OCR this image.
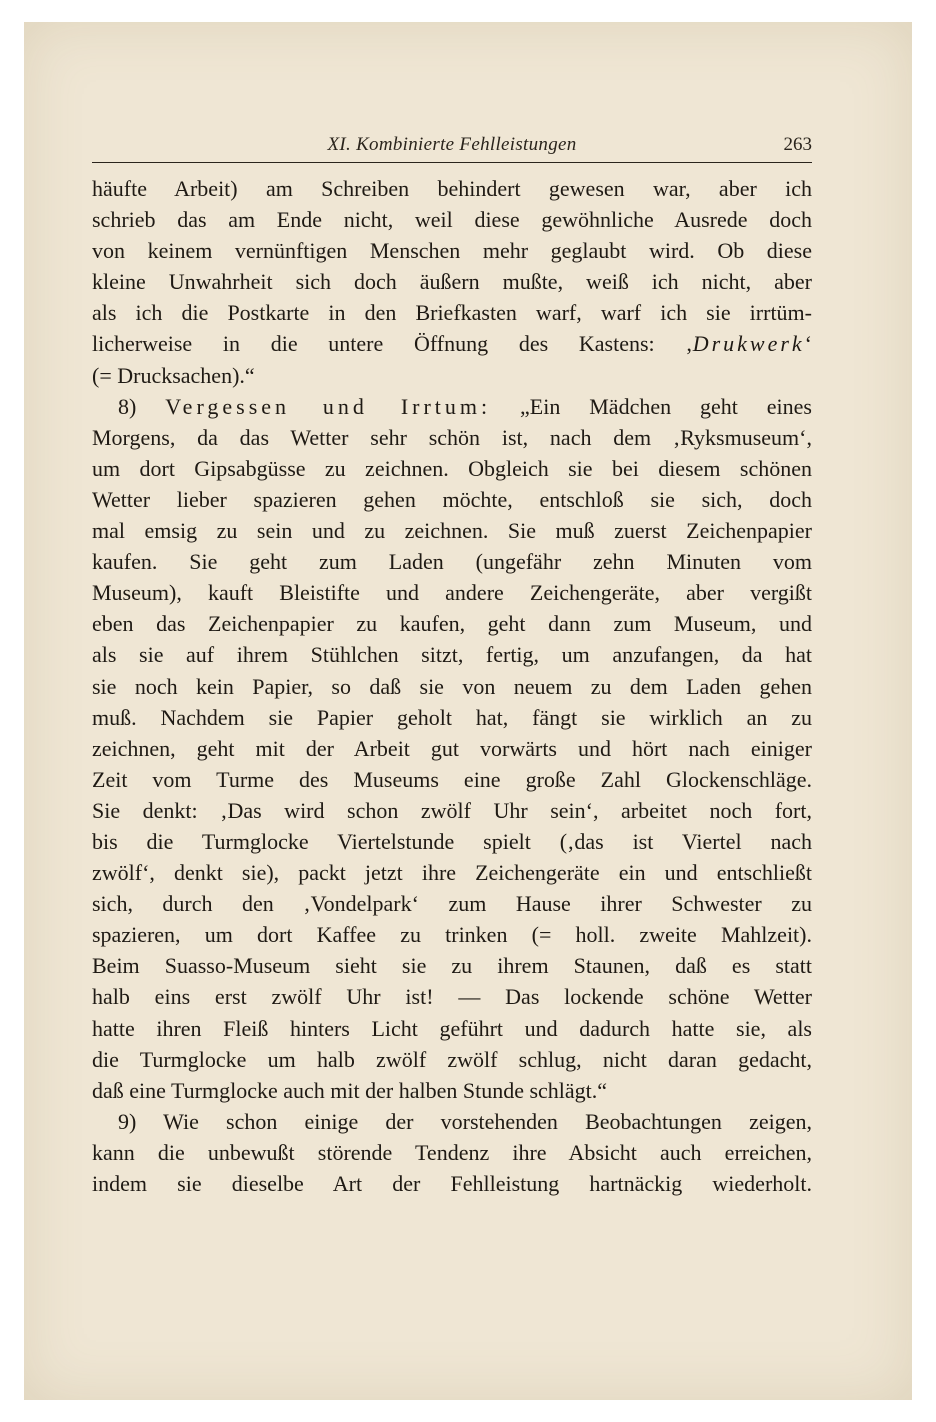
XI. Kombinierte Fehlleistungen	263
häufte Arbeit) am Schreiben behindert gewesen war, aber ich
schrieb das am Ende nicht, weil diese gewöhnliche Ausrede doch
von keinem vernünftigen Menschen mehr geglaubt wird. Ob diese
kleine Unwahrheit sich doch äußern mußte, weiß ich nicht, aber
als ich die Postkarte in den Briefkasten warf, warf ich sie irrtüm-
licherweise in die untere Öffnung des Kastens: ‚Drukwerk‘
(= Drucksachen).“
8) Vergessen und Irrtum: „Ein Mädchen geht eines
Morgens, da das Wetter sehr schön ist, nach dem ‚Ryksmuseum‘,
um dort Gipsabgüsse zu zeichnen. Obgleich sie bei diesem schönen
Wetter lieber spazieren gehen möchte, entschloß sie sich, doch
mal emsig zu sein und zu zeichnen. Sie muß zuerst Zeichenpapier
kaufen. Sie geht zum Laden (ungefähr zehn Minuten vom
Museum), kauft Bleistifte und andere Zeichengeräte, aber vergißt
eben das Zeichenpapier zu kaufen, geht dann zum Museum, und
als sie auf ihrem Stühlchen sitzt, fertig, um anzufangen, da hat
sie noch kein Papier, so daß sie von neuem zu dem Laden gehen
muß. Nachdem sie Papier geholt hat, fängt sie wirklich an zu
zeichnen, geht mit der Arbeit gut vorwärts und hört nach einiger
Zeit vom Turme des Museums eine große Zahl Glockenschläge.
Sie denkt: ‚Das wird schon zwölf Uhr sein‘, arbeitet noch fort,
bis die Turmglocke Viertelstunde spielt (‚das ist Viertel nach
zwölf‘, denkt sie), packt jetzt ihre Zeichengeräte ein und entschließt
sich, durch den ‚Vondelpark‘ zum Hause ihrer Schwester zu
spazieren, um dort Kaffee zu trinken (= holl. zweite Mahlzeit).
Beim Suasso-Museum sieht sie zu ihrem Staunen, daß es statt
halb eins erst zwölf Uhr ist! — Das lockende schöne Wetter
hatte ihren Fleiß hinters Licht geführt und dadurch hatte sie, als
die Turmglocke um halb zwölf zwölf schlug, nicht daran gedacht,
daß eine Turmglocke auch mit der halben Stunde schlägt.“
9) Wie schon einige der vorstehenden Beobachtungen zeigen,
kann die unbewußt störende Tendenz ihre Absicht auch erreichen,
indem sie dieselbe Art der Fehlleistung hartnäckig wiederholt.
